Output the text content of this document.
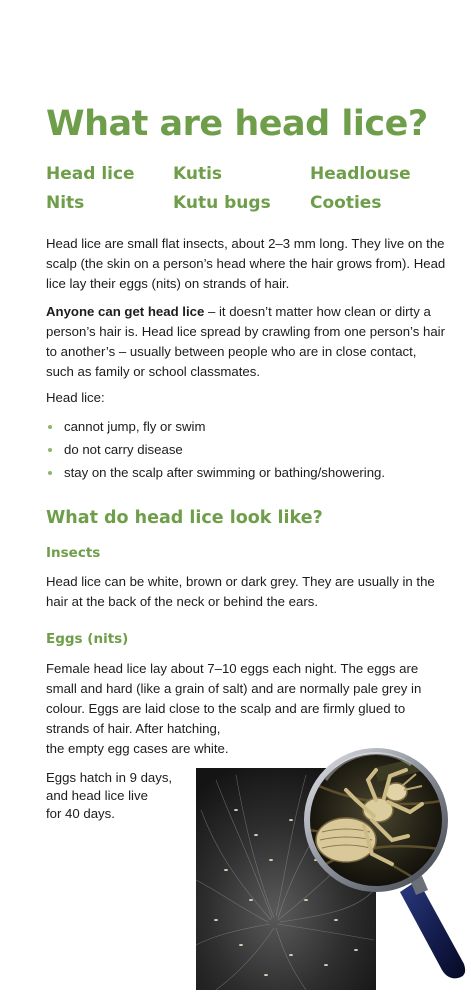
What are head lice?
Head lice Kutis	Headlouse
Nits	Kutu bugs Cooties

Head lice are small flat insects, about 2–3 mm long. They live on the scalp (the skin on a person’s head where the hair grows from). Head lice lay their eggs (nits) on strands of hair.

Anyone can get head lice – it doesn’t matter how clean or dirty a person’s hair is. Head lice spread by crawling from one person’s hair to another’s – usually between people who are in close contact, such as family or school classmates.

Head lice:

cannot jump, fly or swim
do not carry disease
stay on the scalp after swimming or bathing/showering.
What do head lice look like?
Insects

Head lice can be white, brown or dark grey. They are usually in the hair at the back of the neck or behind the ears.

Eggs (nits)

Female head lice lay about 7–10 eggs each night. The eggs are small and hard (like a grain of salt) and are normally pale grey in colour. Eggs are laid close to the scalp and are firmly glued to strands of hair. After hatching,

the empty egg cases are white.

Eggs hatch in 9 days,

and head lice live

for 40 days.
